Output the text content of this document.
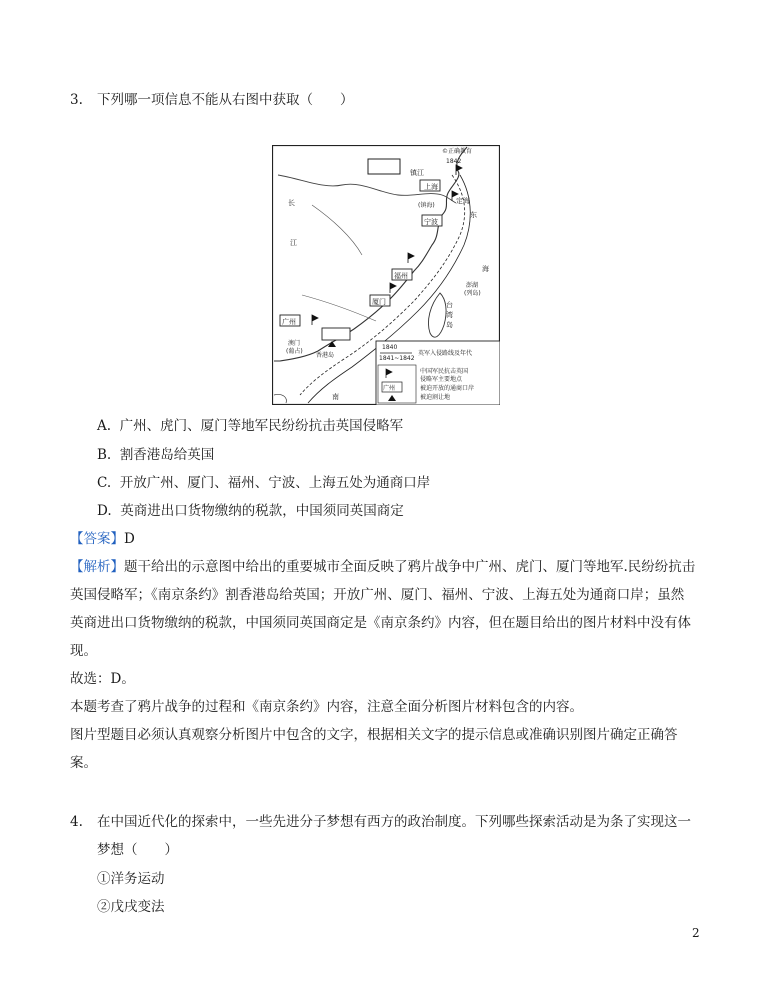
3. 下列哪一项信息不能从右图中获取（　　）
©正确教育
1842
镇江
上海
(镇海)
定海
宁波
东
长
江
福州
海
澎湖
(列岛)
台
湾
岛
厦门
广州
澳门
(葡占)
香港岛
南
1840
1841~1842
英军入侵路线及年代
广州
中国军民抗击英国
侵略军主要地点
被迫开放的通商口岸
被迫割让地
A. 广州、虎门、厦门等地军民纷纷抗击英国侵略军
B. 割香港岛给英国
C. 开放广州、厦门、福州、宁波、上海五处为通商口岸
D. 英商进出口货物缴纳的税款，中国须同英国商定
【答案】D
【解析】题干给出的示意图中给出的重要城市全面反映了鸦片战争中广州、虎门、厦门等地军.民纷纷抗击
英国侵略军；《南京条约》割香港岛给英国；开放广州、厦门、福州、宁波、上海五处为通商口岸；虽然
英商进出口货物缴纳的税款，中国须同英国商定是《南京条约》内容，但在题目给出的图片材料中没有体
现。
故选：D。
本题考查了鸦片战争的过程和《南京条约》内容，注意全面分析图片材料包含的内容。
图片型题目必须认真观察分析图片中包含的文字，根据相关文字的提示信息或准确识别图片确定正确答
案。
4. 在中国近代化的探索中，一些先进分子梦想有西方的政治制度。下列哪些探索活动是为条了实现这一
梦想（　　）
①洋务运动
②戊戌变法
2
